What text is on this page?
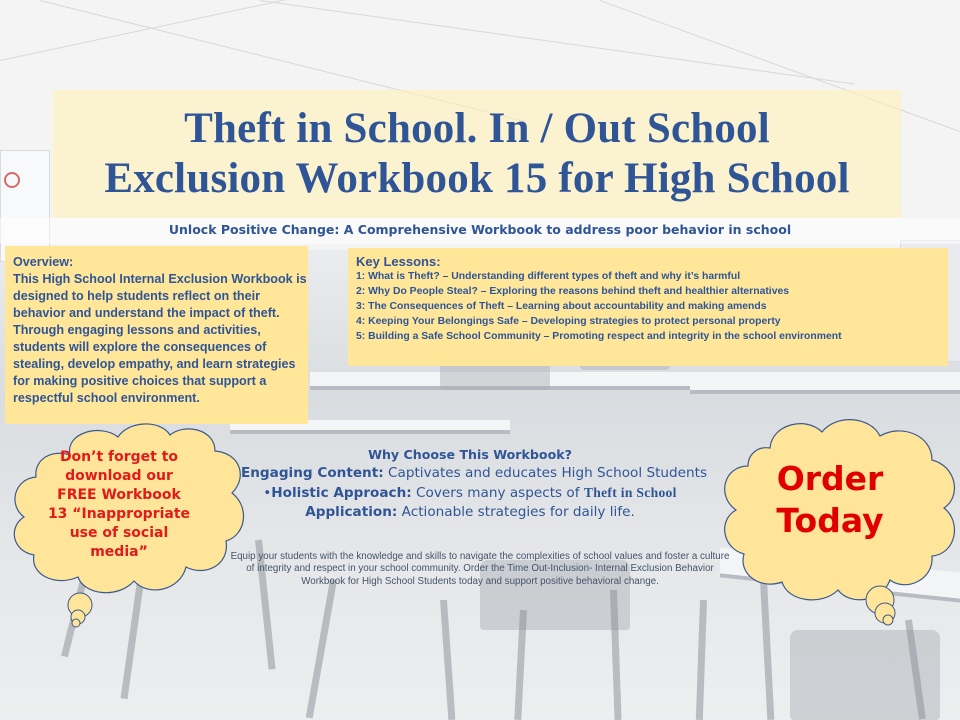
Theft in School. In / Out School
Exclusion Workbook 15 for High School
Unlock Positive Change: A Comprehensive Workbook to address poor behavior in school
Overview:
This High School Internal Exclusion Workbook is designed to help students reflect on their behavior and understand the impact of theft. Through engaging lessons and activities, students will explore the consequences of stealing, develop empathy, and learn strategies for making positive choices that support a respectful school environment.
Key Lessons:
1: What is Theft? – Understanding different types of theft and why it’s harmful
2: Why Do People Steal? – Exploring the reasons behind theft and healthier alternatives
3: The Consequences of Theft – Learning about accountability and making amends
4: Keeping Your Belongings Safe – Developing strategies to protect personal property
5: Building a Safe School Community – Promoting respect and integrity in the school environment
Why Choose This Workbook?
Engaging Content: Captivates and educates High School Students
•Holistic Approach: Covers many aspects of Theft in School
Application: Actionable strategies for daily life.
Equip your students with the knowledge and skills to navigate the complexities of school values and foster a culture of integrity and respect in your school community. Order the Time Out-Inclusion- Internal Exclusion Behavior Workbook for High School Students today and support positive behavioral change.
Don’t forget to
download our
FREE Workbook
13 “Inappropriate
use of social
media”
Order
Today
